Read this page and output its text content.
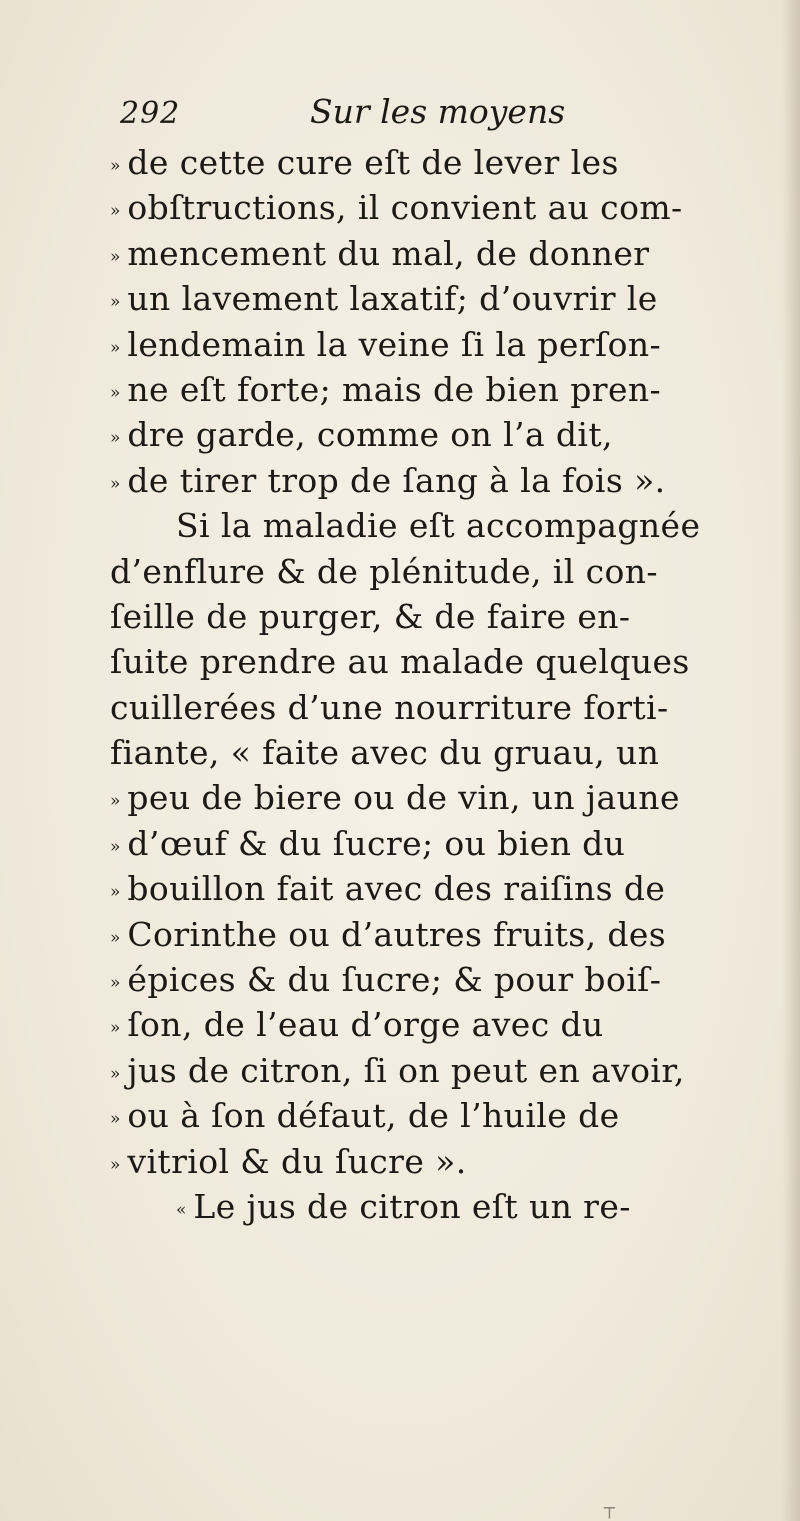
292	Sur les moyens
» de cette cure eſt de lever les
» obſtructions, il convient au com-
» mencement du mal, de donner
» un lavement laxatif; d’ouvrir le
» lendemain la veine ſi la perſon-
» ne eſt forte; mais de bien pren-
» dre garde, comme on l’a dit,
» de tirer trop de ſang à la fois ».
Si la maladie eſt accompagnée
d’enflure & de plénitude, il con-
ſeille de purger, & de faire en-
ſuite prendre au malade quelques
cuillerées d’une nourriture forti-
fiante, « faite avec du gruau, un
» peu de biere ou de vin, un jaune
» d’œuf & du ſucre; ou bien du
» bouillon fait avec des raiſins de
» Corinthe ou d’autres fruits, des
» épices & du ſucre; & pour boiſ-
» ſon, de l’eau d’orge avec du
» jus de citron, ſi on peut en avoir,
» ou à ſon défaut, de l’huile de
» vitriol & du ſucre ».
« Le jus de citron eſt un re-
┬
